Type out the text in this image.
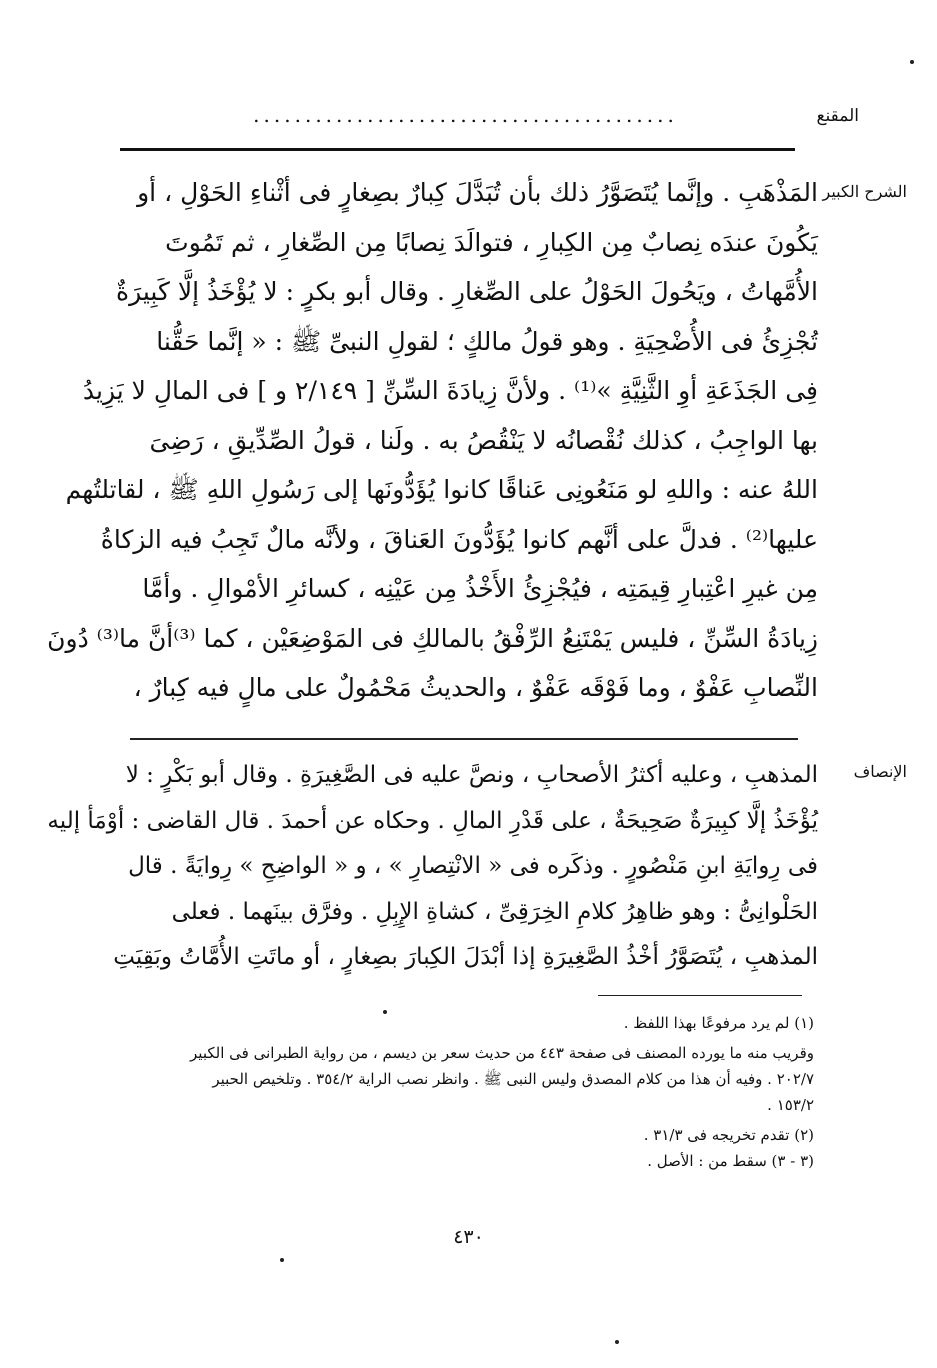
المقنع
.........................................
الشرح الكبير
المَذْهَبِ . وإنَّما يُتَصَوَّرُ ذلك بأن تُبَدَّلَ كِبارٌ بصِغارٍ فى أثْناءِ الحَوْلِ ، أو
يَكُونَ عندَه نِصابٌ مِن الكِبارِ ، فتوالَدَ نِصابًا مِن الصِّغارِ ، ثم تَمُوتَ
الأُمَّهاتُ ، ويَحُولَ الحَوْلُ على الصِّغارِ . وقال أبو بكرٍ : لا يُؤْخَذُ إلَّا كَبِيرَةٌ
تُجْزِئُ فى الأُضْحِيَةِ . وهو قولُ مالكٍ ؛ لقولِ النبىِّ ﷺ : « إنَّما حَقُّنا
فِى الجَذَعَةِ أوِ الثَّنِيَّةِ »⁽¹⁾ . ولأنَّ زِيادَةَ السِّنِّ [ ٢/١٤٩ و ] فى المالِ لا يَزِيدُ
بها الواجِبُ ، كذلك نُقْصانُه لا يَنْقُصُ به . ولَنا ، قولُ الصِّدِّيقِ ، رَضِىَ
اللهُ عنه : واللهِ لو مَنَعُونِى عَناقًا كانوا يُؤَدُّونَها إلى رَسُولِ اللهِ ﷺ ، لقاتلتُهم
عليها⁽²⁾ . فدلَّ على أنَّهم كانوا يُؤَدُّونَ العَناقَ ، ولأنَّه مالٌ تَجِبُ فيه الزكاةُ
مِن غيرِ اعْتِبارِ قِيمَتِه ، فيُجْزِئُ الأَخْذُ مِن عَيْنِه ، كسائرِ الأمْوالِ . وأمَّا
زِيادَةُ السِّنِّ ، فليس يَمْتَنِعُ الرِّفْقُ بالمالكِ فى المَوْضِعَيْن ، كما ⁽³⁾أنَّ ما⁽³⁾ دُونَ
النِّصابِ عَفْوٌ ، وما فَوْقَه عَفْوٌ ، والحديثُ مَحْمُولٌ على مالٍ فيه كِبارٌ ،
الإنصاف
المذهبِ ، وعليه أكثرُ الأصحابِ ، ونصَّ عليه فى الصَّغِيرَةِ . وقال أبو بَكْرٍ : لا
يُؤْخَذُ إلَّا كبِيرَةٌ صَحِيحَةٌ ، على قَدْرِ المالِ . وحكاه عن أحمدَ . قال القاضى : أوْمَأ إليه
فى رِوايَةِ ابنِ مَنْصُورٍ . وذكَره فى « الانْتِصارِ » ، و « الواضِحِ » رِوايَةً . قال
الحَلْوانِىُّ : وهو ظاهِرُ كلامِ الخِرَقِىِّ ، كشاةِ الإِبِلِ . وفرَّق بينَهما . فعلى
المذهبِ ، يُتَصَوَّرُ أخْذُ الصَّغِيرَةِ إذا أبْدَلَ الكِبارَ بصِغارٍ ، أو ماتَتِ الأُمَّاتُ وبَقِيَتِ
(١) لم يرد مرفوعًا بهذا اللفظ .
وقريب منه ما يورده المصنف فى صفحة ٤٤٣ من حديث سعر بن ديسم ، من رواية الطبرانى فى الكبير
٢٠٢/٧ . وفيه أن هذا من كلام المصدق وليس النبى ﷺ . وانظر نصب الراية ٣٥٤/٢ . وتلخيص الحبير
١٥٣/٢ .
(٢) تقدم تخريجه فى ٣١/٣ .
(٣ - ٣) سقط من : الأصل .
٤٣٠
